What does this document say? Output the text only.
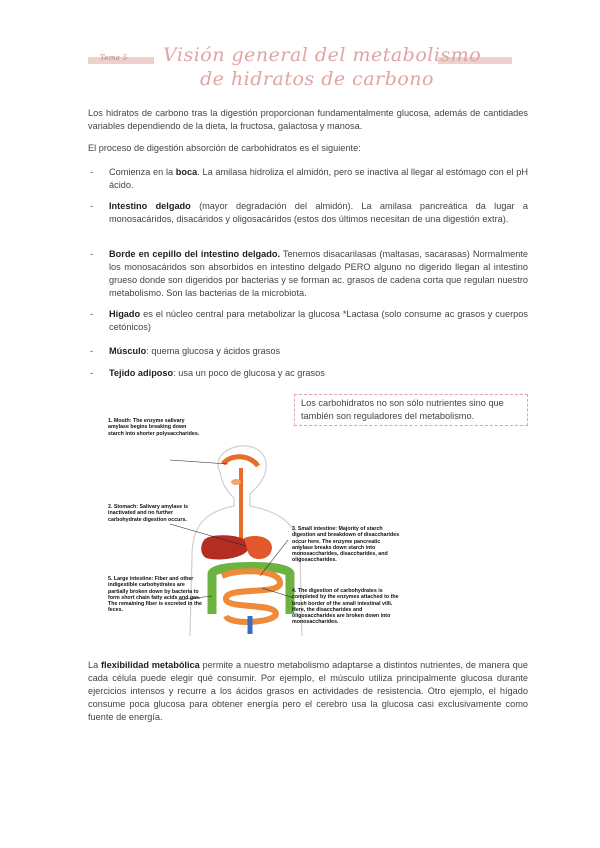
Tema 5 Visión general del metabolismo
de hidratos de carbono
Los hidratos de carbono tras la digestión proporcionan fundamentalmente glucosa, además de cantidades variables dependiendo de la dieta, la fructosa, galactosa y manosa.
El proceso de digestión absorción de carbohidratos es el siguiente:
- Comienza en la boca. La amilasa hidroliza el almidón, pero se inactiva al llegar al estómago con el pH ácido.
- Intestino delgado (mayor degradación del almidón). La amilasa pancreática da lugar a monosacáridos, disacáridos y oligosacáridos (estos dos últimos necesitan de una digestión extra).
- Borde en cepillo del intestino delgado. Tenemos disacarilasas (maltasas, sacarasas) Normalmente los monosacáridos son absorbidos en intestino delgado PERO alguno no digerido llegan al intestino grueso donde son digeridos por bacterias y se forman ac. grasos de cadena corta que regulan nuestro metabolismo. Son las bacterias de la microbiota.
- Hígado es el núcleo central para metabolizar la glucosa *Lactasa (solo consume ac grasos y cuerpos cetónicos)
- Músculo: quema glucosa y ácidos grasos
- Tejido adiposo: usa un poco de glucosa y ac grasos
Los carbohidratos no son sólo nutrientes sino que también son reguladores del metabolismo.
1. Mouth: The enzyme salivary amylase begins breaking down starch into shorter polysaccharides.
2. Stomach: Salivary amylase is inactivated and no further carbohydrate digestion occurs.
5. Large intestine: Fiber and other indigestible carbohydrates are partially broken down by bacteria to form short chain fatty acids and gas. The remaining fiber is excreted in the feces.
3. Small intestine: Majority of starch digestion and breakdown of disaccharides occur here. The enzyme pancreatic amylase breaks down starch into monosaccharides, disaccharides, and oligosaccharides.
4. The digestion of carbohydrates is completed by the enzymes attached to the brush border of the small intestinal villi. Here, the disaccharides and oligosaccharides are broken down into monosaccharides.
La flexibilidad metabólica permite a nuestro metabolismo adaptarse a distintos nutrientes, de manera que cada célula puede elegir qué consumir. Por ejemplo, el músculo utiliza principalmente glucosa durante ejercicios intensos y recurre a los ácidos grasos en actividades de resistencia. Otro ejemplo, el hígado consume poca glucosa para obtener energía pero el cerebro usa la glucosa casi exclusivamente como fuente de energía.
